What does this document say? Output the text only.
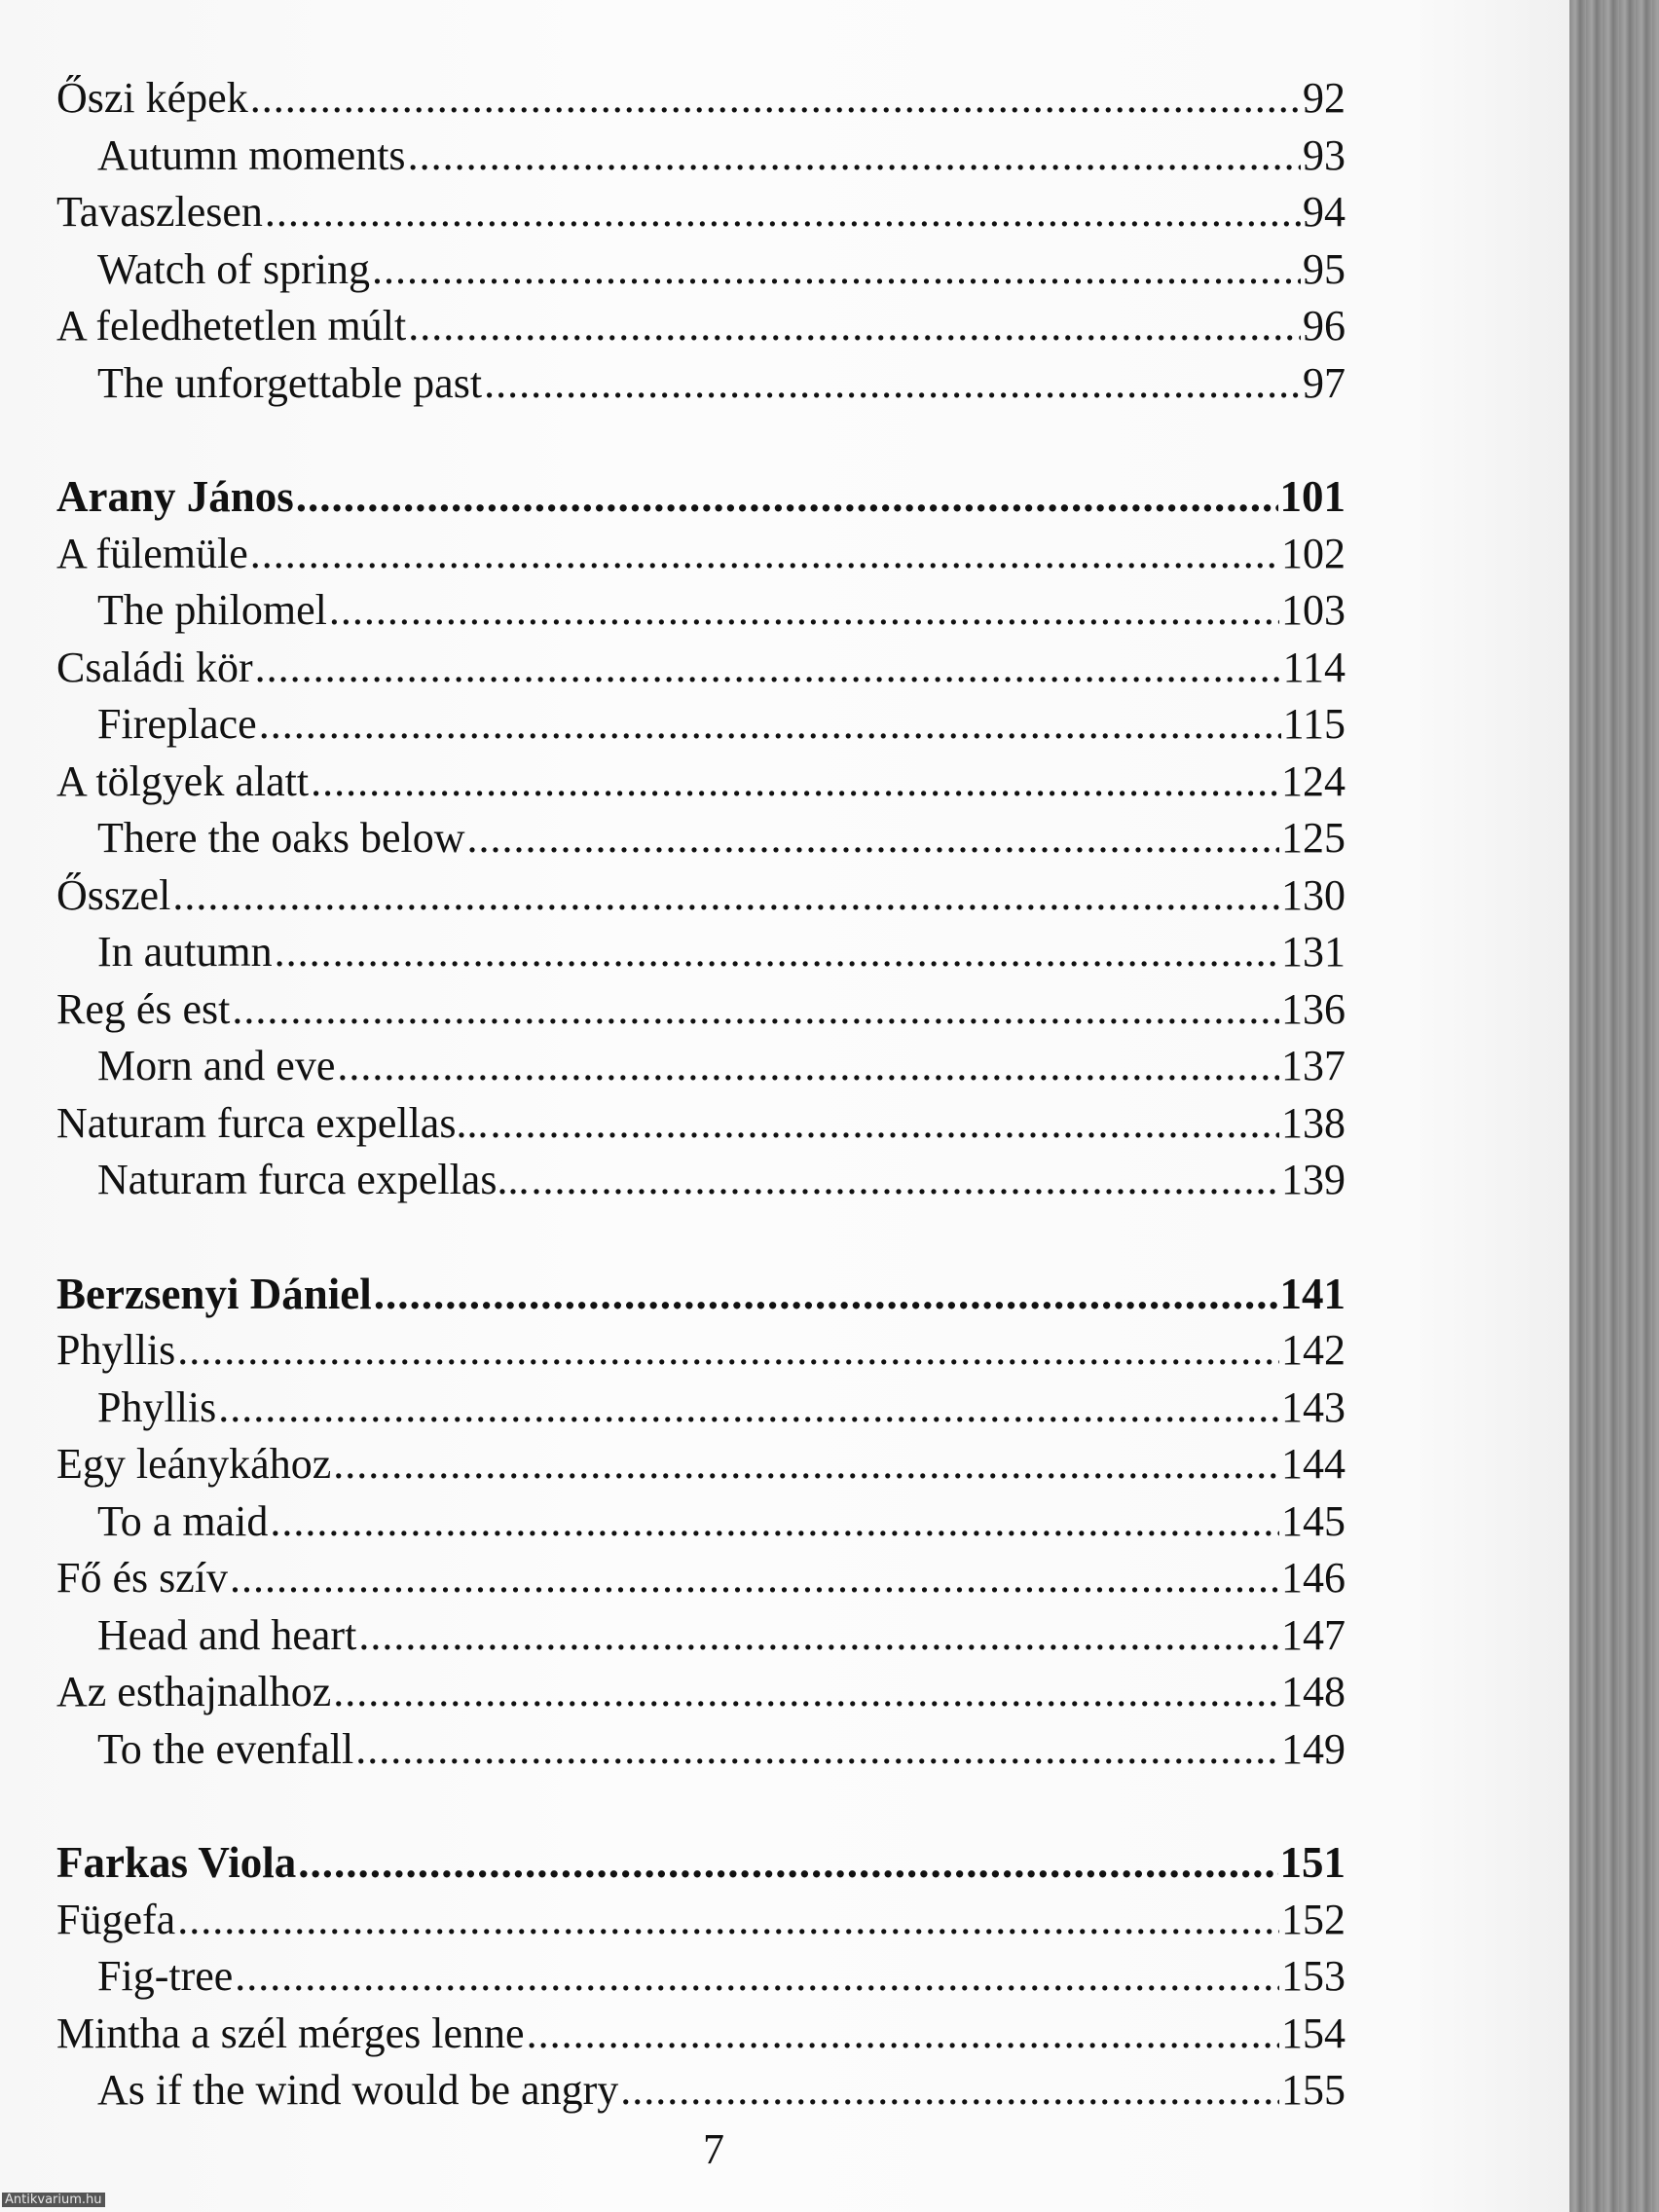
Őszi képek .....	92
Autumn moments .....	93
Tavaszlesen .....	94
Watch of spring .....	95
A feledhetetlen múlt .....	96
The unforgettable past .....	97
Arany János .....	101
A fülemüle .....	102
The philomel .....	103
Családi kör .....	114
Fireplace .....	115
A tölgyek alatt .....	124
There the oaks below .....	125
Ősszel .....	130
In autumn .....	131
Reg és est .....	136
Morn and eve .....	137
Naturam furca expellas... .....	138
Naturam furca expellas... .....	139
Berzsenyi Dániel .....	141
Phyllis .....	142
Phyllis .....	143
Egy leánykához .....	144
To a maid .....	145
Fő és szív .....	146
Head and heart .....	147
Az esthajnalhoz .....	148
To the evenfall .....	149
Farkas Viola .....	151
Fügefa .....	152
Fig-tree .....	153
Mintha a szél mérges lenne .....	154
As if the wind would be angry .....	155
7
Antikvarium.hu
